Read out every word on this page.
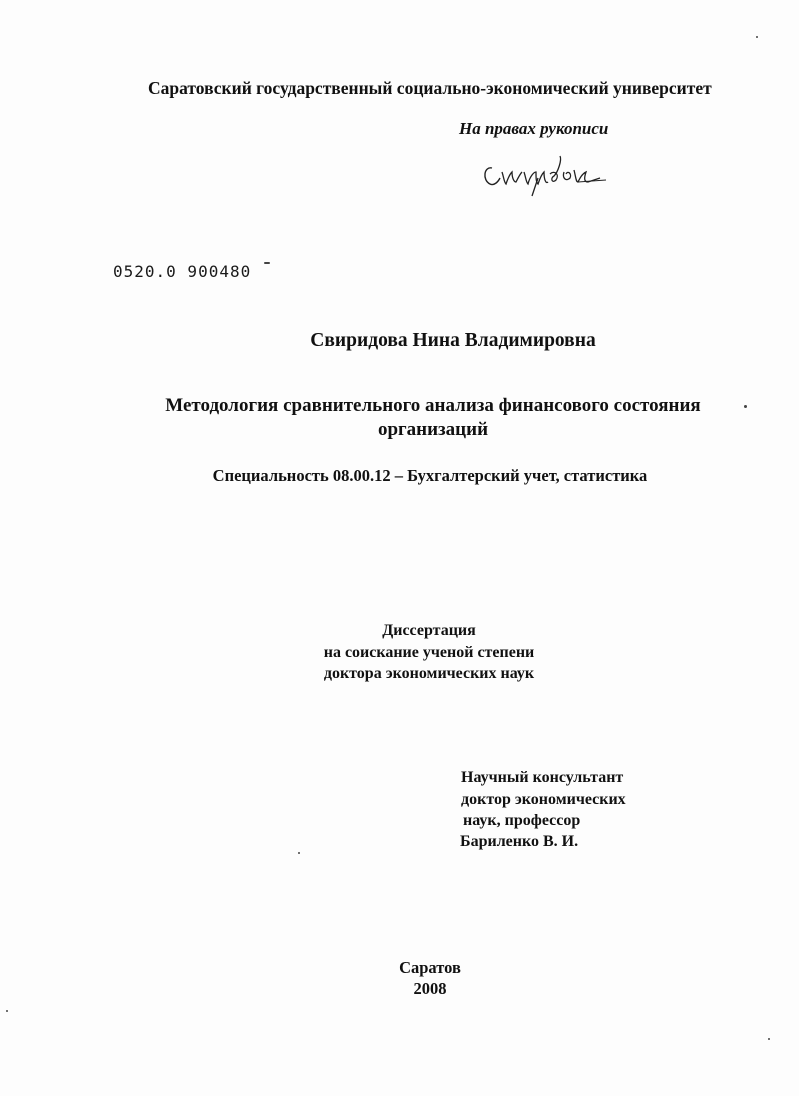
Саратовский государственный социально-экономический университет
На правах рукописи
0520.0 900480
Свиридова Нина Владимировна
Методология сравнительного анализа финансового состояния
организаций
Специальность 08.00.12 – Бухгалтерский учет, статистика
Диссертация
на соискание ученой степени
доктора экономических наук
Научный консультант
доктор экономических
наук, профессор
Бариленко В. И.
Саратов
2008
